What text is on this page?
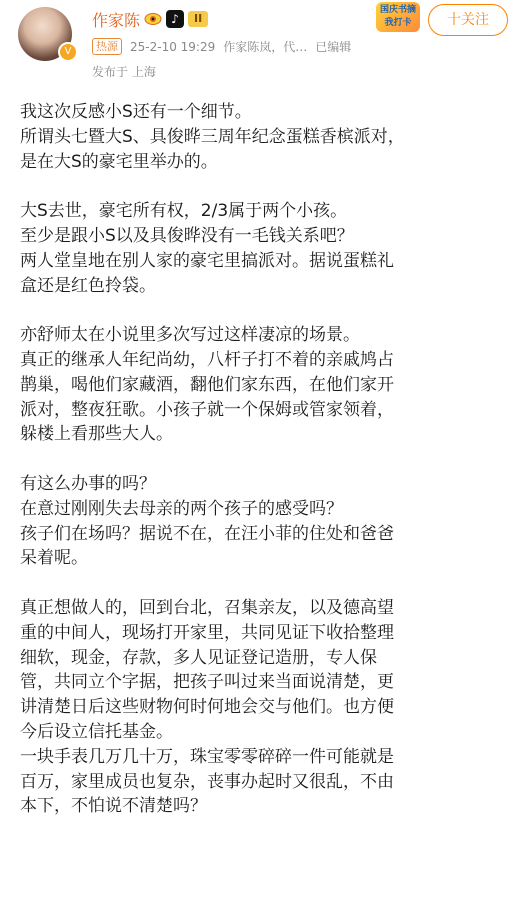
V
作家陈	♪	II
热源	25-2-10 19:29 作家陈岚，代… 已编辑
发布于 上海
国庆书摘我打卡	十关注

我这次反感小S还有一个细节。
所谓头七暨大S、具俊晔三周年纪念蛋糕香槟派对，
是在大S的豪宅里举办的。

大S去世，豪宅所有权，2/3属于两个小孩。
至少是跟小S以及具俊晔没有一毛钱关系吧？
两人堂皇地在别人家的豪宅里搞派对。据说蛋糕礼
盒还是红色拎袋。

亦舒师太在小说里多次写过这样凄凉的场景。
真正的继承人年纪尚幼，八杆子打不着的亲戚鸠占
鹊巢，喝他们家藏酒，翻他们家东西，在他们家开
派对，整夜狂歌。小孩子就一个保姆或管家领着，
躲楼上看那些大人。

有这么办事的吗？
在意过刚刚失去母亲的两个孩子的感受吗？
孩子们在场吗？据说不在，在汪小菲的住处和爸爸
呆着呢。

真正想做人的，回到台北，召集亲友，以及德高望
重的中间人，现场打开家里，共同见证下收拾整理
细软，现金，存款，多人见证登记造册，专人保
管，共同立个字据，把孩子叫过来当面说清楚，更
讲清楚日后这些财物何时何地会交与他们。也方便
今后设立信托基金。
一块手表几万几十万，珠宝零零碎碎一件可能就是
百万，家里成员也复杂，丧事办起时又很乱，不由
本下，不怕说不清楚吗？
